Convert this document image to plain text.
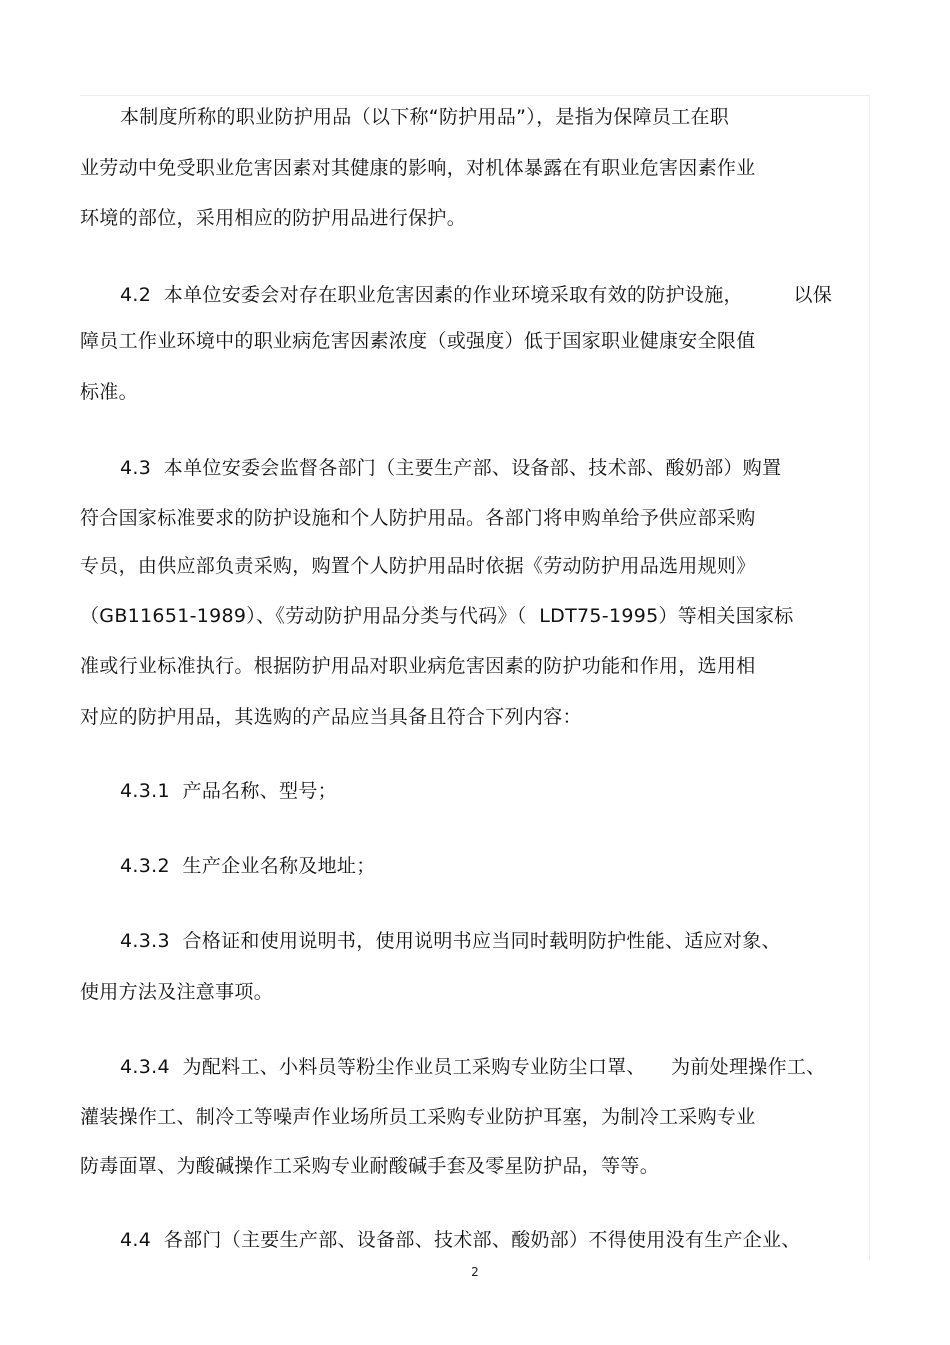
本制度所称的职业防护用品（以下称“防护用品”），是指为保障员工在职
业劳动中免受职业危害因素对其健康的影响，对机体暴露在有职业危害因素作业
环境的部位，采用相应的防护用品进行保护。
4.2  本单位安委会对存在职业危害因素的作业环境采取有效的防护设施，        以保
障员工作业环境中的职业病危害因素浓度（或强度）低于国家职业健康安全限值
标准。
4.3  本单位安委会监督各部门（主要生产部、设备部、技术部、酸奶部）购置
符合国家标准要求的防护设施和个人防护用品。各部门将申购单给予供应部采购
专员，由供应部负责采购，购置个人防护用品时依据《劳动防护用品选用规则》
（GB11651-1989）、《劳动防护用品分类与代码》（  LDT75-1995）等相关国家标
准或行业标准执行。根据防护用品对职业病危害因素的防护功能和作用，选用相
对应的防护用品，其选购的产品应当具备且符合下列内容：
4.3.1  产品名称、型号；
4.3.2  生产企业名称及地址；
4.3.3  合格证和使用说明书，使用说明书应当同时载明防护性能、适应对象、
使用方法及注意事项。
4.3.4  为配料工、小料员等粉尘作业员工采购专业防尘口罩、    为前处理操作工、
灌装操作工、制冷工等噪声作业场所员工采购专业防护耳塞，为制冷工采购专业
防毒面罩、为酸碱操作工采购专业耐酸碱手套及零星防护品，等等。
4.4  各部门（主要生产部、设备部、技术部、酸奶部）不得使用没有生产企业、
2
